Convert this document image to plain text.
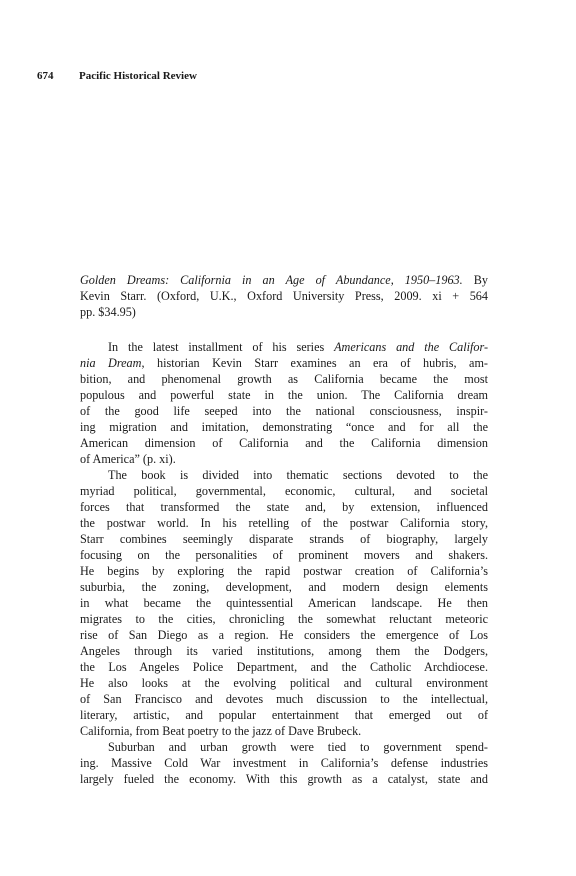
674 Pacific Historical Review
Golden Dreams: California in an Age of Abundance, 1950–1963. By
Kevin Starr. (Oxford, U.K., Oxford University Press, 2009. xi + 564
pp. $34.95)
In the latest installment of his series Americans and the Califor-
nia Dream, historian Kevin Starr examines an era of hubris, am-
bition, and phenomenal growth as California became the most
populous and powerful state in the union. The California dream
of the good life seeped into the national consciousness, inspir-
ing migration and imitation, demonstrating “once and for all the
American dimension of California and the California dimension
of America” (p. xi).
The book is divided into thematic sections devoted to the
myriad political, governmental, economic, cultural, and societal
forces that transformed the state and, by extension, influenced
the postwar world. In his retelling of the postwar California story,
Starr combines seemingly disparate strands of biography, largely
focusing on the personalities of prominent movers and shakers.
He begins by exploring the rapid postwar creation of California’s
suburbia, the zoning, development, and modern design elements
in what became the quintessential American landscape. He then
migrates to the cities, chronicling the somewhat reluctant meteoric
rise of San Diego as a region. He considers the emergence of Los
Angeles through its varied institutions, among them the Dodgers,
the Los Angeles Police Department, and the Catholic Archdiocese.
He also looks at the evolving political and cultural environment
of San Francisco and devotes much discussion to the intellectual,
literary, artistic, and popular entertainment that emerged out of
California, from Beat poetry to the jazz of Dave Brubeck.
Suburban and urban growth were tied to government spend-
ing. Massive Cold War investment in California’s defense industries
largely fueled the economy. With this growth as a catalyst, state and
